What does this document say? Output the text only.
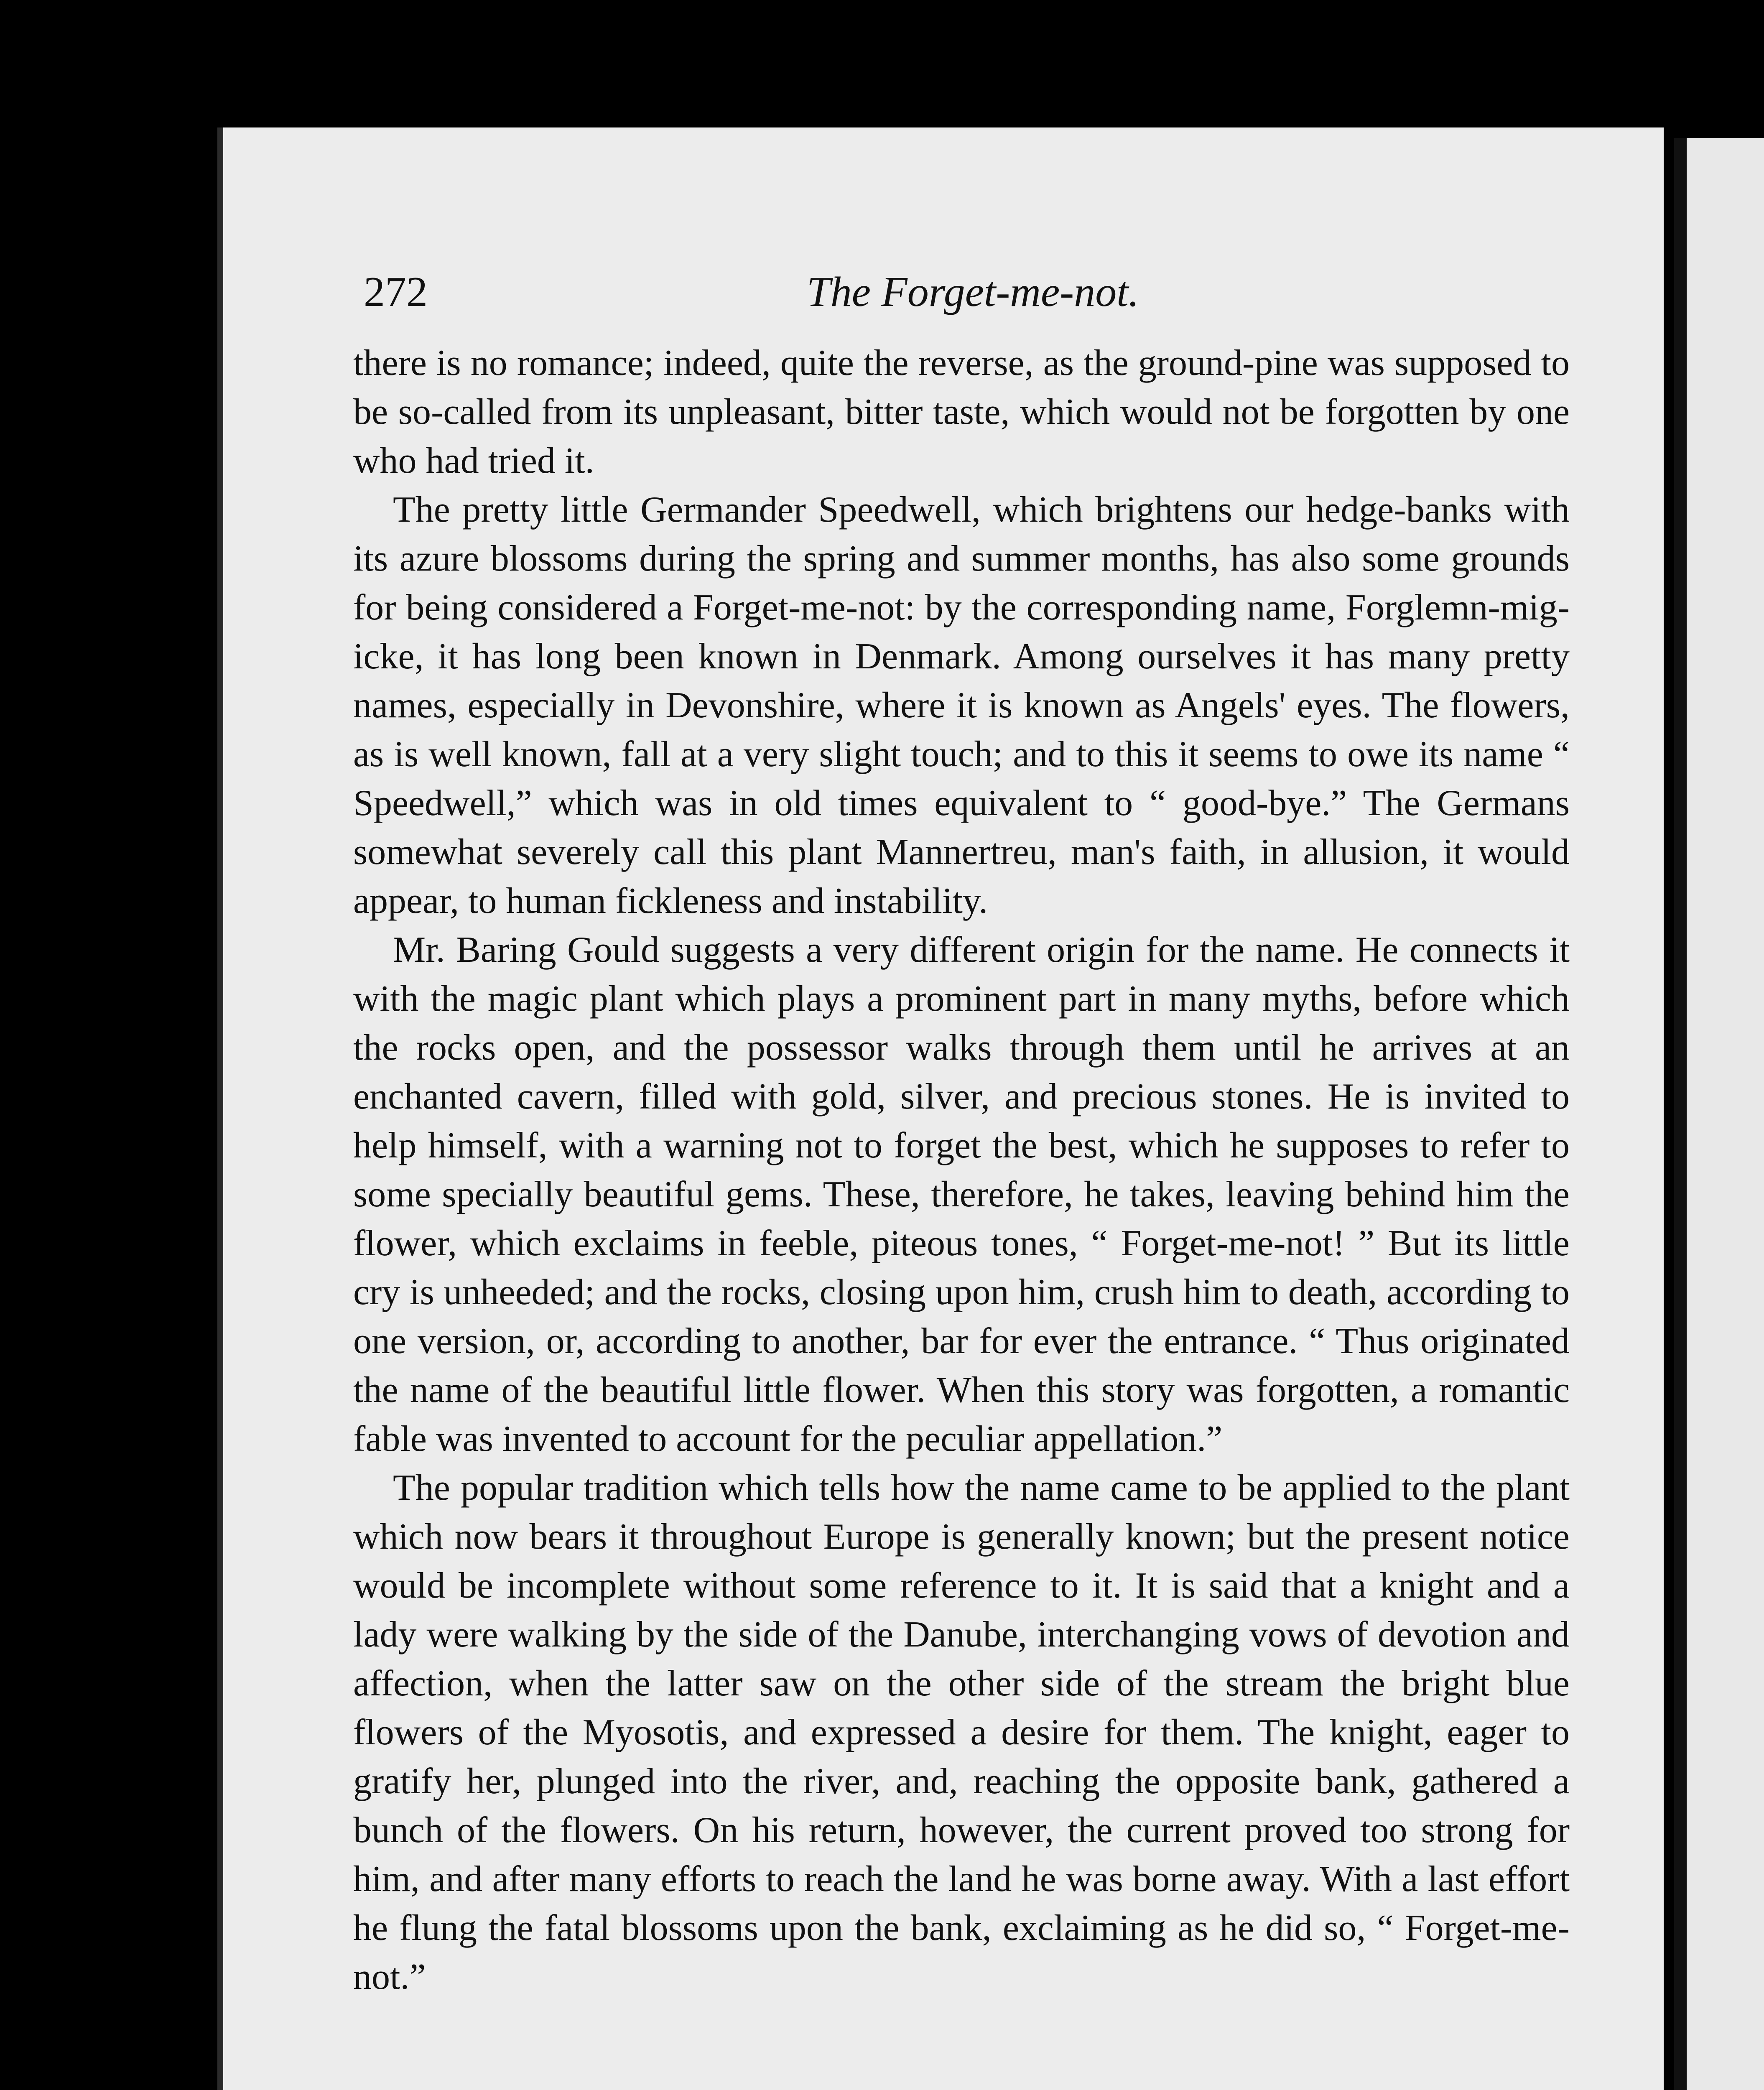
272	The Forget-me-not.

there is no romance; indeed, quite the reverse, as the ground-pine was supposed to be so-called from its unpleasant, bitter taste, which would not be forgotten by one who had tried it.

The pretty little Germander Speedwell, which brightens our hedge-banks with its azure blossoms during the spring and summer months, has also some grounds for being considered a Forget-me-not: by the corresponding name, Forglemn-mig-icke, it has long been known in Denmark. Among ourselves it has many pretty names, especially in Devonshire, where it is known as Angels' eyes. The flowers, as is well known, fall at a very slight touch; and to this it seems to owe its name “ Speedwell,” which was in old times equivalent to “ good-bye.” The Germans somewhat severely call this plant Mannertreu, man's faith, in allusion, it would appear, to human fickleness and instability.

Mr. Baring Gould suggests a very different origin for the name. He connects it with the magic plant which plays a prominent part in many myths, before which the rocks open, and the possessor walks through them until he arrives at an enchanted cavern, filled with gold, silver, and precious stones. He is invited to help himself, with a warning not to forget the best, which he supposes to refer to some specially beautiful gems. These, therefore, he takes, leaving behind him the flower, which exclaims in feeble, piteous tones, “ Forget-me-not! ” But its little cry is unheeded; and the rocks, closing upon him, crush him to death, according to one version, or, according to another, bar for ever the entrance. “ Thus originated the name of the beautiful little flower. When this story was forgotten, a romantic fable was invented to account for the peculiar appellation.”

The popular tradition which tells how the name came to be applied to the plant which now bears it throughout Europe is generally known; but the present notice would be incomplete without some reference to it. It is said that a knight and a lady were walking by the side of the Danube, interchanging vows of devotion and affection, when the latter saw on the other side of the stream the bright blue flowers of the Myosotis, and expressed a desire for them. The knight, eager to gratify her, plunged into the river, and, reaching the opposite bank, gathered a bunch of the flowers. On his return, however, the current proved too strong for him, and after many efforts to reach the land he was borne away. With a last effort he flung the fatal blossoms upon the bank, exclaiming as he did so, “ Forget-me-not.”
